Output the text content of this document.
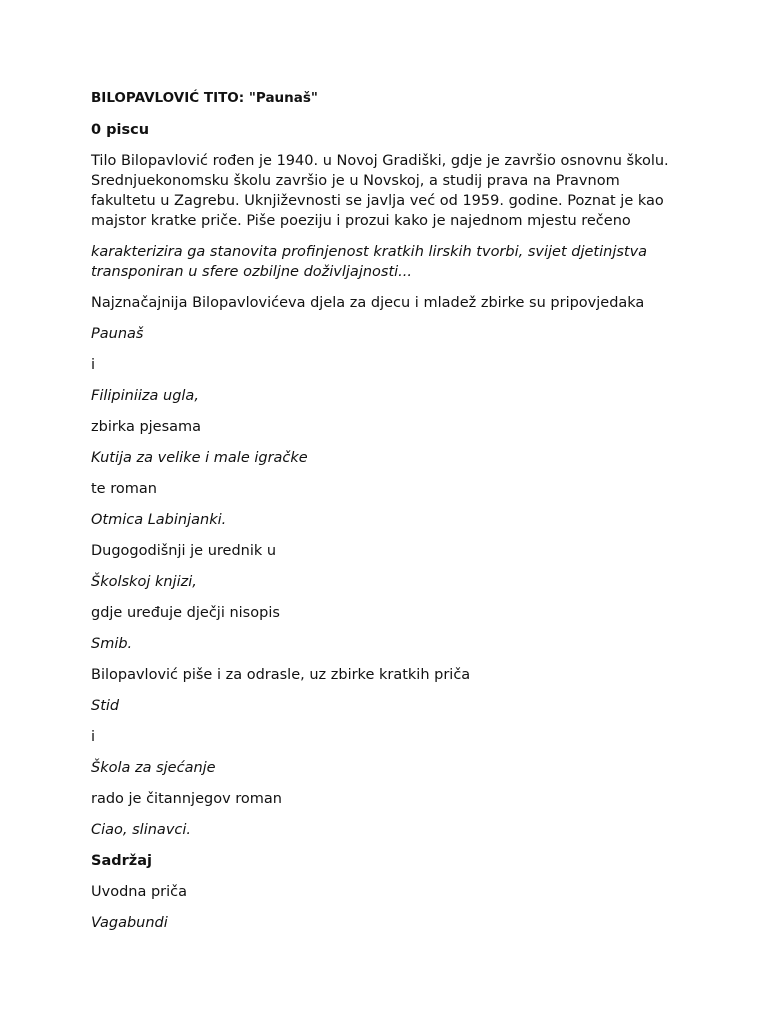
BILOPAVLOVIĆ TITO: "Paunaš"
0 piscu
Tilo Bilopavlović rođen je 1940. u Novoj Gradiški, gdje je završio osnovnu školu.
Srednjuekonomsku školu završio je u Novskoj, a studij prava na Pravnom
fakultetu u Zagrebu. Uknjiževnosti se javlja već od 1959. godine. Poznat je kao
majstor kratke priče. Piše poeziju i prozui kako je najednom mjestu rečeno
karakterizira ga stanovita profinjenost kratkih lirskih tvorbi, svijet djetinjstva
transponiran u sfere ozbiljne doživljajnosti...
Najznačajnija Bilopavlovićeva djela za djecu i mladež zbirke su pripovjedaka
Paunaš
i
Filipiniiza ugla,
zbirka pjesama
Kutija za velike i male igračke
te roman
Otmica Labinjanki.
Dugogodišnji je urednik u
Školskoj knjizi,
gdje uređuje dječji nisopis
Smib.
Bilopavlović piše i za odrasle, uz zbirke kratkih priča
Stid
i
Škola za sjećanje
rado je čitannjegov roman
Ciao, slinavci.
Sadržaj
Uvodna priča
Vagabundi
